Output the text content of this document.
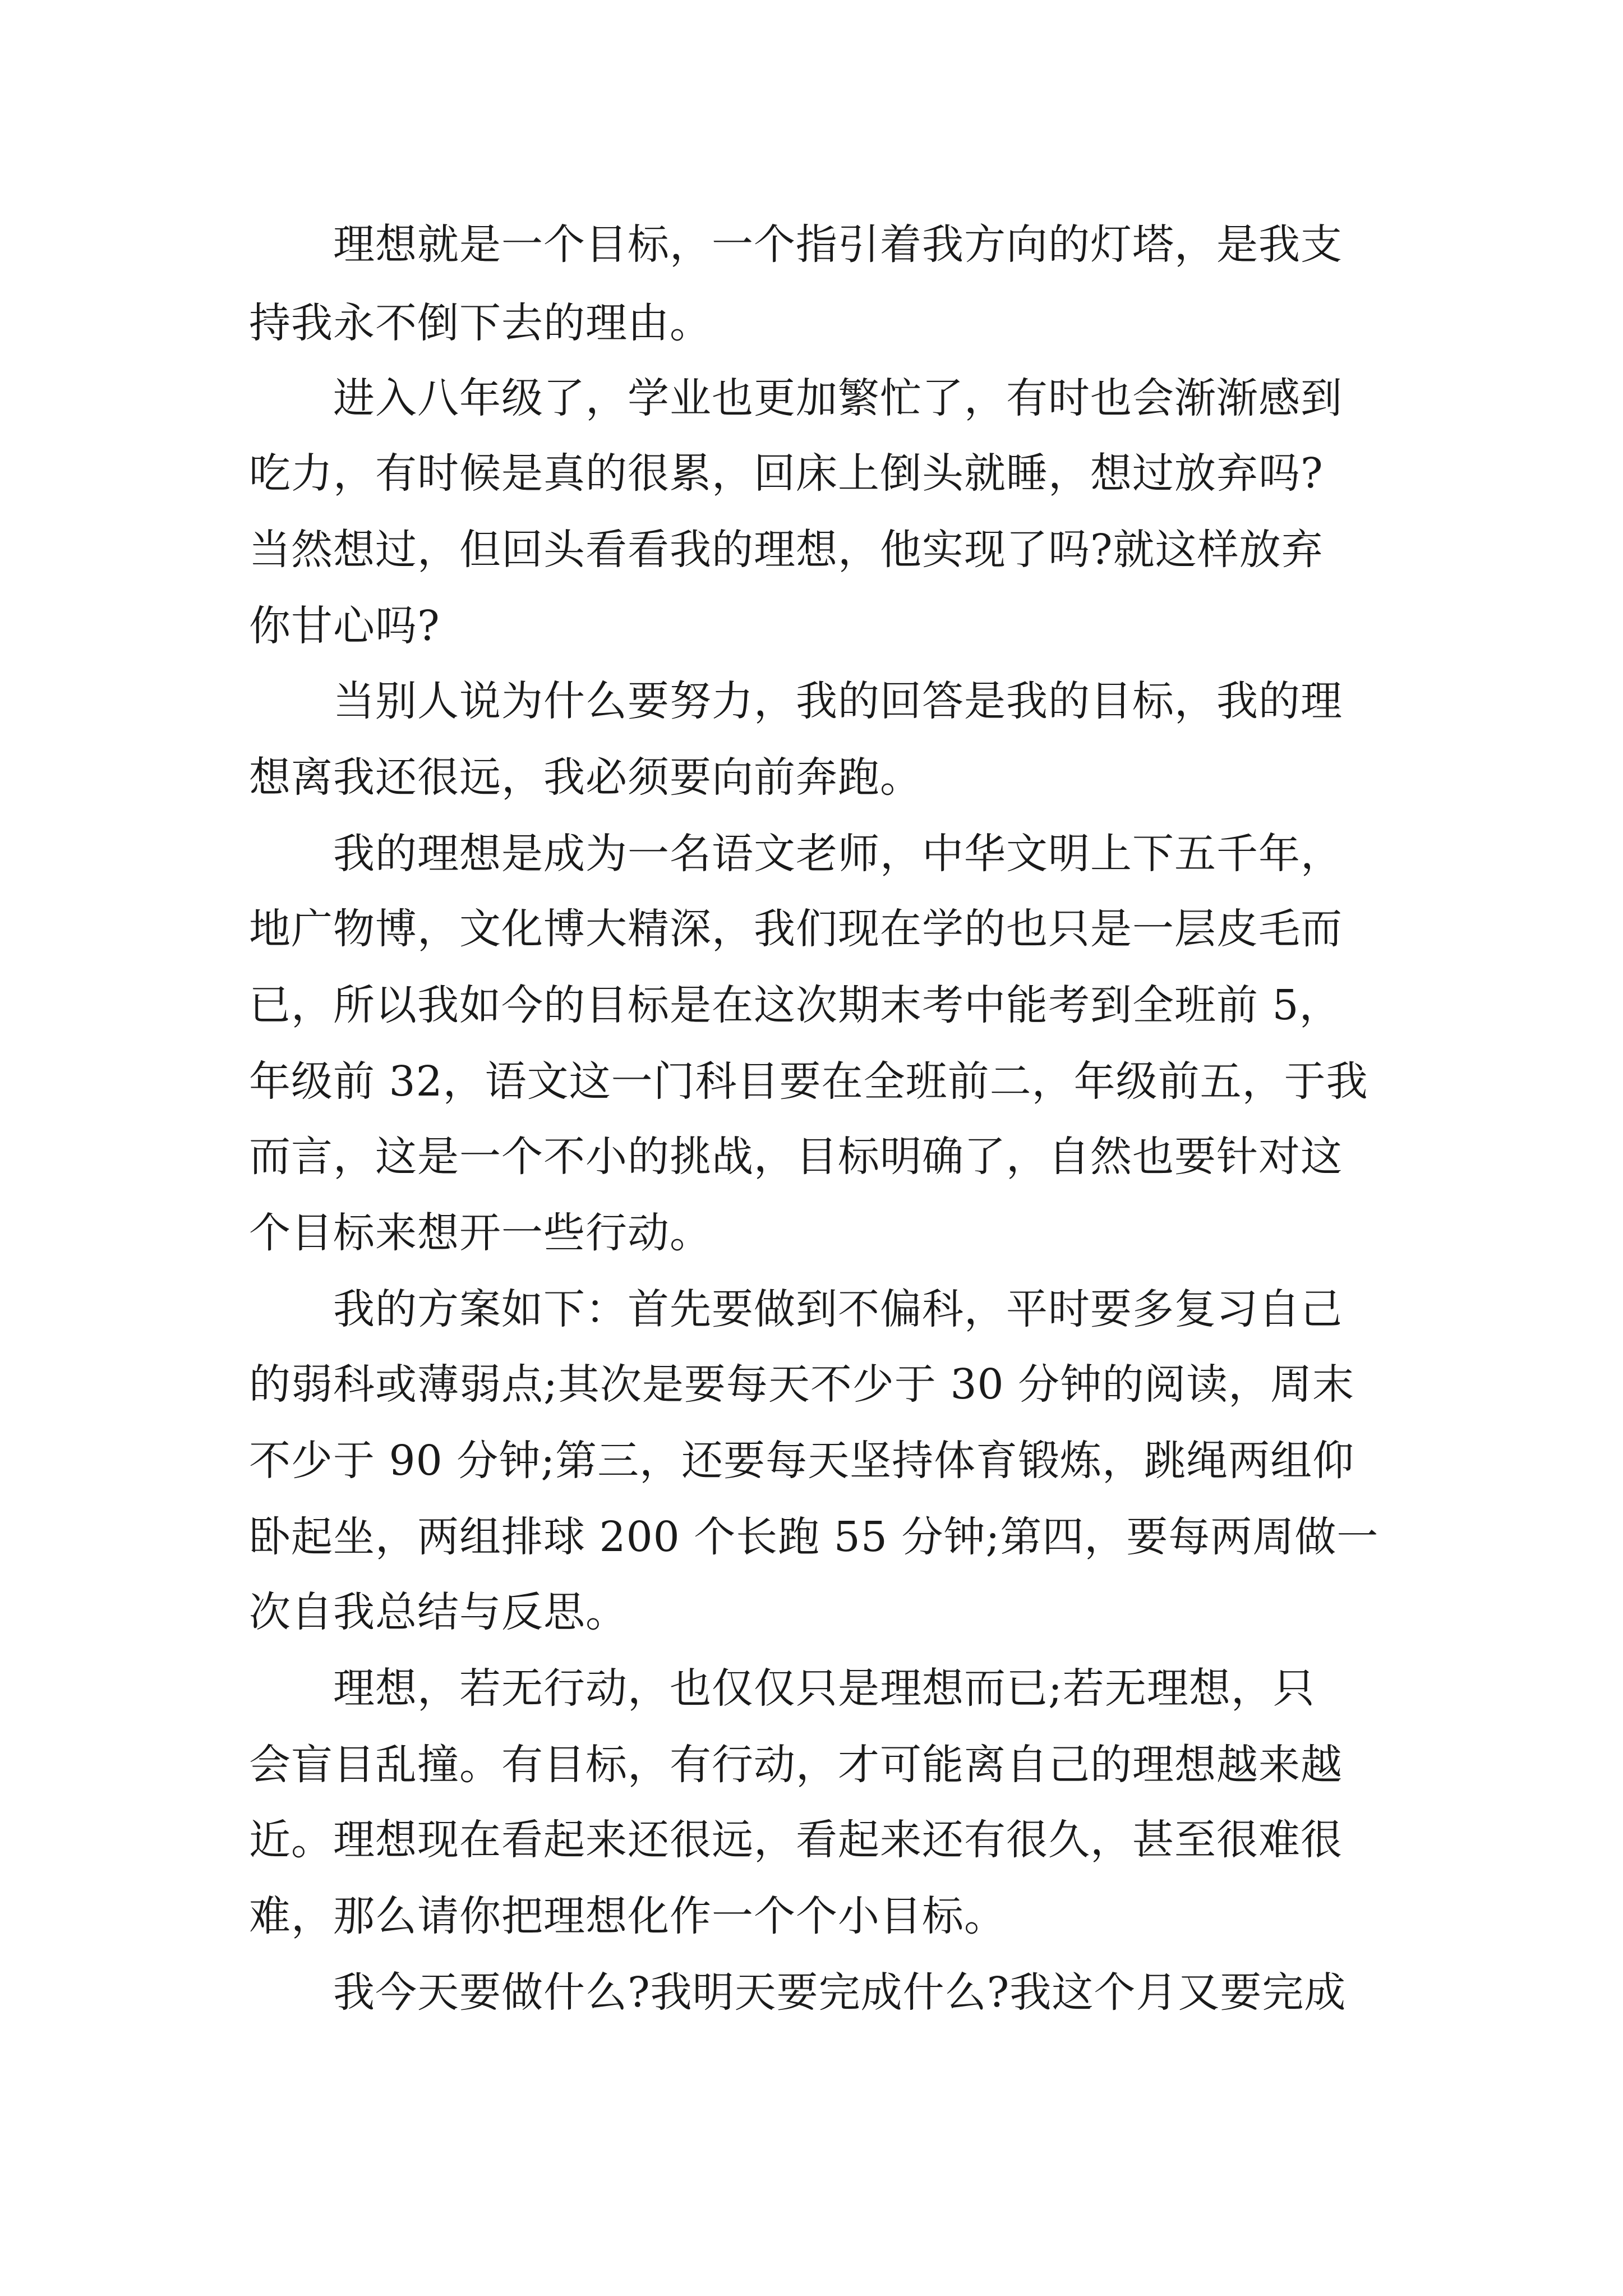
理想就是一个目标，一个指引着我方向的灯塔，是我支
持我永不倒下去的理由。
进入八年级了，学业也更加繁忙了，有时也会渐渐感到
吃力，有时候是真的很累，回床上倒头就睡，想过放弃吗?
当然想过，但回头看看我的理想，他实现了吗?就这样放弃
你甘心吗?
当别人说为什么要努力，我的回答是我的目标，我的理
想离我还很远，我必须要向前奔跑。
我的理想是成为一名语文老师，中华文明上下五千年，
地广物博，文化博大精深，我们现在学的也只是一层皮毛而
已，所以我如今的目标是在这次期末考中能考到全班前 5，
年级前 32，语文这一门科目要在全班前二，年级前五，于我
而言，这是一个不小的挑战，目标明确了，自然也要针对这
个目标来想开一些行动。
我的方案如下：首先要做到不偏科，平时要多复习自己
的弱科或薄弱点;其次是要每天不少于 30 分钟的阅读，周末
不少于 90 分钟;第三，还要每天坚持体育锻炼，跳绳两组仰
卧起坐，两组排球 200 个长跑 55 分钟;第四，要每两周做一
次自我总结与反思。
理想，若无行动，也仅仅只是理想而已;若无理想，只
会盲目乱撞。有目标，有行动，才可能离自己的理想越来越
近。理想现在看起来还很远，看起来还有很久，甚至很难很
难，那么请你把理想化作一个个小目标。
我今天要做什么?我明天要完成什么?我这个月又要完成
